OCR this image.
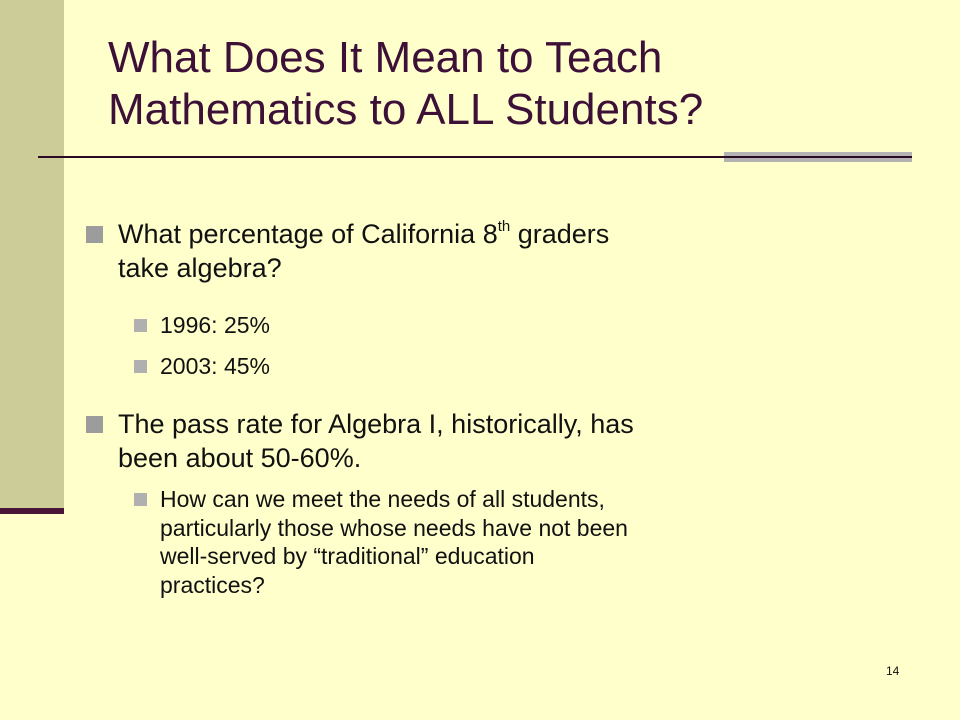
What Does It Mean to Teach
Mathematics to ALL Students?
What percentage of California 8th graders
take algebra?
1996: 25%
2003: 45%
The pass rate for Algebra I, historically, has
been about 50-60%.
How can we meet the needs of all students,
particularly those whose needs have not been
well-served by “traditional” education
practices?
14
